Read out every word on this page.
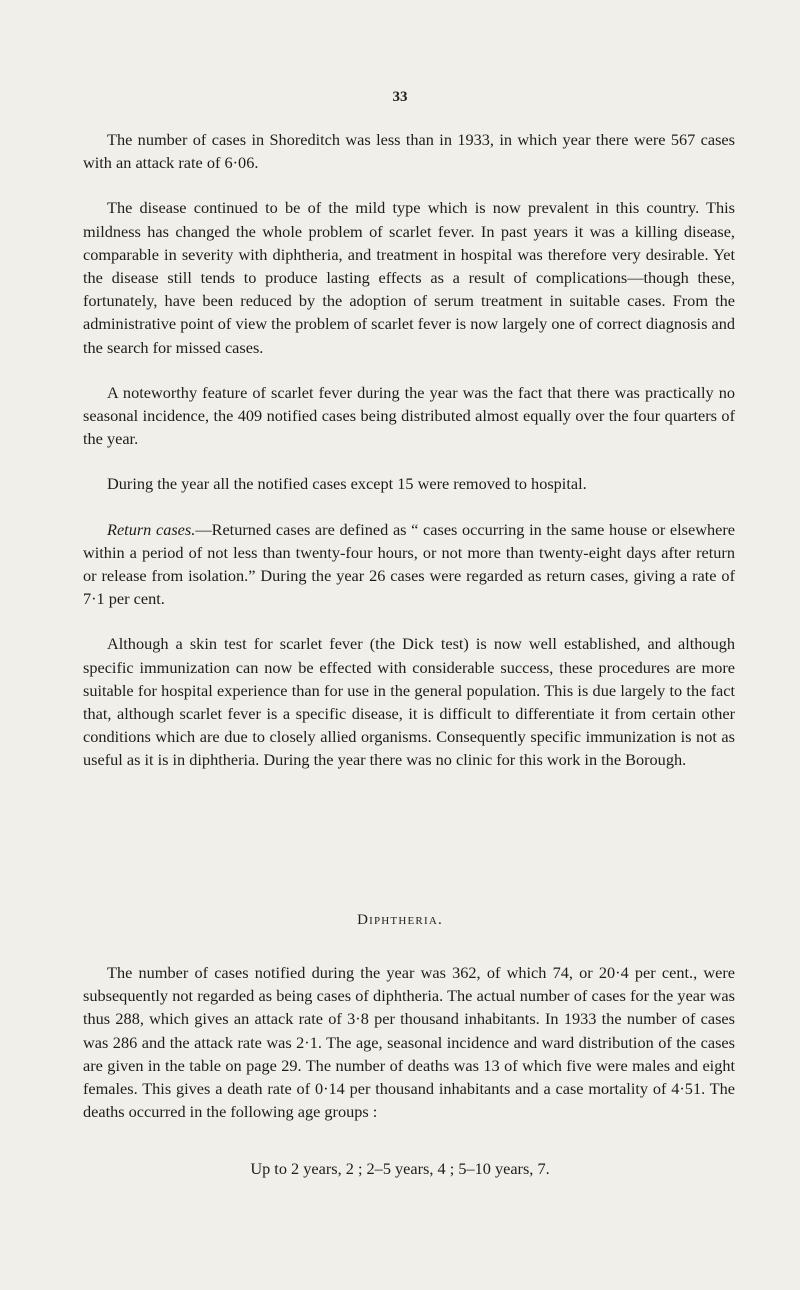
33

The number of cases in Shoreditch was less than in 1933, in which year there were 567 cases with an attack rate of 6·06.

The disease continued to be of the mild type which is now prevalent in this country. This mildness has changed the whole problem of scarlet fever. In past years it was a killing disease, comparable in severity with diphtheria, and treatment in hospital was therefore very desirable. Yet the disease still tends to produce lasting effects as a result of complications—though these, fortunately, have been reduced by the adoption of serum treatment in suitable cases. From the administrative point of view the problem of scarlet fever is now largely one of correct diagnosis and the search for missed cases.

A noteworthy feature of scarlet fever during the year was the fact that there was practically no seasonal incidence, the 409 notified cases being distributed almost equally over the four quarters of the year.

During the year all the notified cases except 15 were removed to hospital.

Return cases.—Returned cases are defined as “ cases occurring in the same house or elsewhere within a period of not less than twenty-four hours, or not more than twenty-eight days after return or release from isolation.” During the year 26 cases were regarded as return cases, giving a rate of 7·1 per cent.

Although a skin test for scarlet fever (the Dick test) is now well established, and although specific immunization can now be effected with considerable success, these procedures are more suitable for hospital experience than for use in the general population. This is due largely to the fact that, although scarlet fever is a specific disease, it is difficult to differentiate it from certain other conditions which are due to closely allied organisms. Consequently specific immunization is not as useful as it is in diphtheria. During the year there was no clinic for this work in the Borough.

Diphtheria.

The number of cases notified during the year was 362, of which 74, or 20·4 per cent., were subsequently not regarded as being cases of diphtheria. The actual number of cases for the year was thus 288, which gives an attack rate of 3·8 per thousand inhabitants. In 1933 the number of cases was 286 and the attack rate was 2·1. The age, seasonal incidence and ward distribution of the cases are given in the table on page 29. The number of deaths was 13 of which five were males and eight females. This gives a death rate of 0·14 per thousand inhabitants and a case mortality of 4·51. The deaths occurred in the following age groups :

Up to 2 years, 2 ; 2–5 years, 4 ; 5–10 years, 7.
